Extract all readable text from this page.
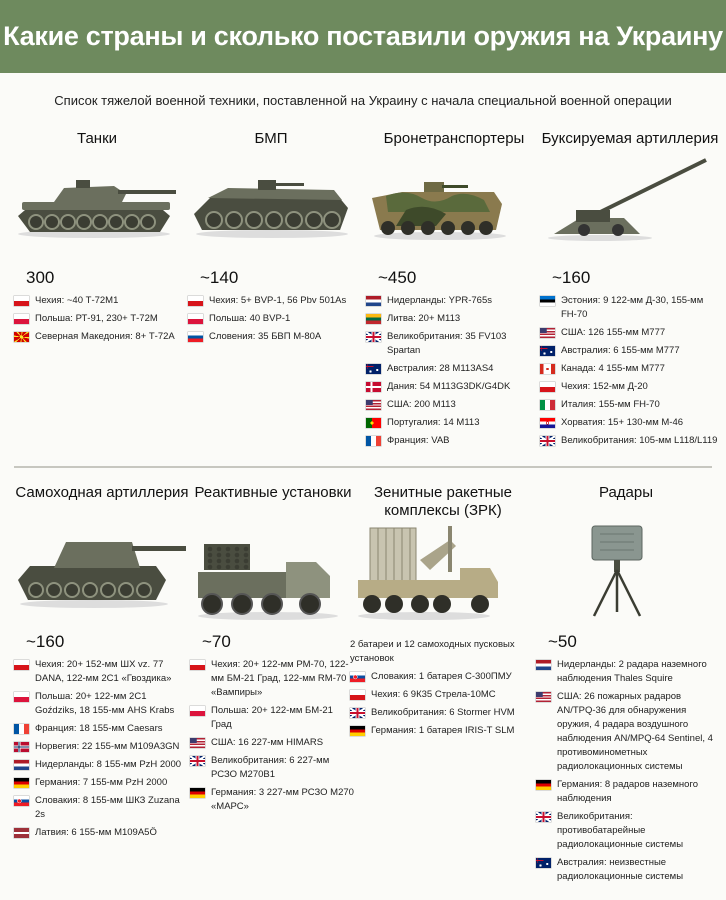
Какие страны и сколько поставили оружия на Украину
Список тяжелой военной техники, поставленной на Украину с начала специальной военной операции
Танки
300
Чехия: ~40 Т-72М1
Польша: РТ-91, 230+ Т-72М
Северная Македония: 8+ Т-72А
БМП
~140
Чехия: 5+ BVP-1, 56 Pbv 501As
Польша: 40 BVP-1
Словения: 35 БВП М-80А
Бронетранспортеры
~450
Нидерланды: YPR-765s
Литва: 20+ М113
Великобритания: 35 FV103 Spartan
Австралия: 28 M113AS4
Дания: 54 M113G3DK/G4DK
США: 200 М113
Португалия: 14 M113
Франция: VAB
Буксируемая артиллерия
~160
Эстония: 9 122-мм Д-30, 155-мм FH-70
США: 126 155-мм M777
Австралия: 6 155-мм М777
Канада: 4 155-мм M777
Чехия: 152-мм Д-20
Италия: 155-мм FH-70
Хорватия: 15+ 130-мм М-46
Великобритания: 105-мм L118/L119
Самоходная артиллерия
~160
Чехия: 20+ 152-мм ШХ vz. 77 DANA, 122-мм 2С1 «Гвоздика»
Польша: 20+ 122-мм 2С1 Goździks, 18 155-мм AHS Krabs
Франция: 18 155-мм Caesars
Норвегия: 22 155-мм M109A3GN
Нидерланды: 8 155-мм PzH 2000
Германия: 7 155-мм PzH 2000
Словакия: 8 155-мм ШКЗ Zuzana 2s
Латвия: 6 155-мм M109A5Ö
Реактивные установки
~70
Чехия: 20+ 122-мм РМ-70, 122-мм БМ-21 Град, 122-мм RM-70 «Вампиры»
Польша: 20+ 122-мм БМ-21 Град
США: 16 227-мм HIMARS
Великобритания: 6 227-мм РСЗО M270B1
Германия: 3 227-мм РСЗО М270 «МАРС»
Зенитные ракетные комплексы (ЗРК)
2 батареи и 12 самоходных пусковых установок
Словакия: 1 батарея С-300ПМУ
Чехия: 6 9К35 Стрела-10МС
Великобритания: 6 Stormer HVM
Германия: 1 батарея IRIS-T SLM
Радары
~50
Нидерланды: 2 радара наземного наблюдения Thales Squire
США: 26 пожарных радаров AN/TPQ-36 для обнаружения оружия, 4 радара воздушного наблюдения AN/MPQ-64 Sentinel, 4 противоминометных радиолокационных системы
Германия: 8 радаров наземного наблюдения
Великобритания: противобатарейные радиолокационные системы
Австралия: неизвестные радиолокационные системы
